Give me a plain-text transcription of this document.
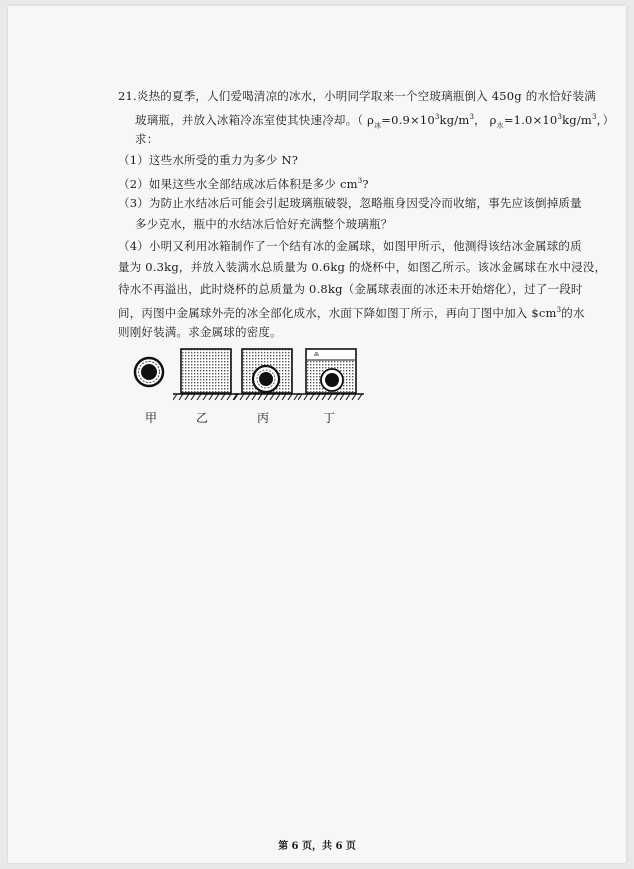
21.炎热的夏季，人们爱喝清凉的冰水，小明同学取来一个空玻璃瓶倒入 450g 的水恰好装满
玻璃瓶，并放入冰箱冷冻室使其快速冷却。（ $\rho_冰=0.9\times 10^3kg/m^3$， $\rho_水=1.0\times 10^3kg/m^3$，）
求：
（1）这些水所受的重力为多少 N?
（2）如果这些水全部结成冰后体积是多少 $cm^3$?
（3）为防止水结冰后可能会引起玻璃瓶破裂，忽略瓶身因受冷而收缩，事先应该倒掉质量
多少克水，瓶中的水结冰后恰好充满整个玻璃瓶？
（4）小明又利用冰箱制作了一个结有冰的金属球，如图甲所示，他测得该结冰金属球的质
量为 0.3kg，并放入装满水总质量为 0.6kg 的烧杯中，如图乙所示。该冰金属球在水中浸没，
待水不再溢出，此时烧杯的总质量为 0.8kg（金属球表面的冰还未开始熔化），过了一段时
间，丙图中金属球外壳的冰全部化成水，水面下降如图丁所示，再向丁图中加入 $\$cm^3$的水
则刚好装满。求金属球的密度。
甲	乙	丙	丁
第 6 页，共 6 页
